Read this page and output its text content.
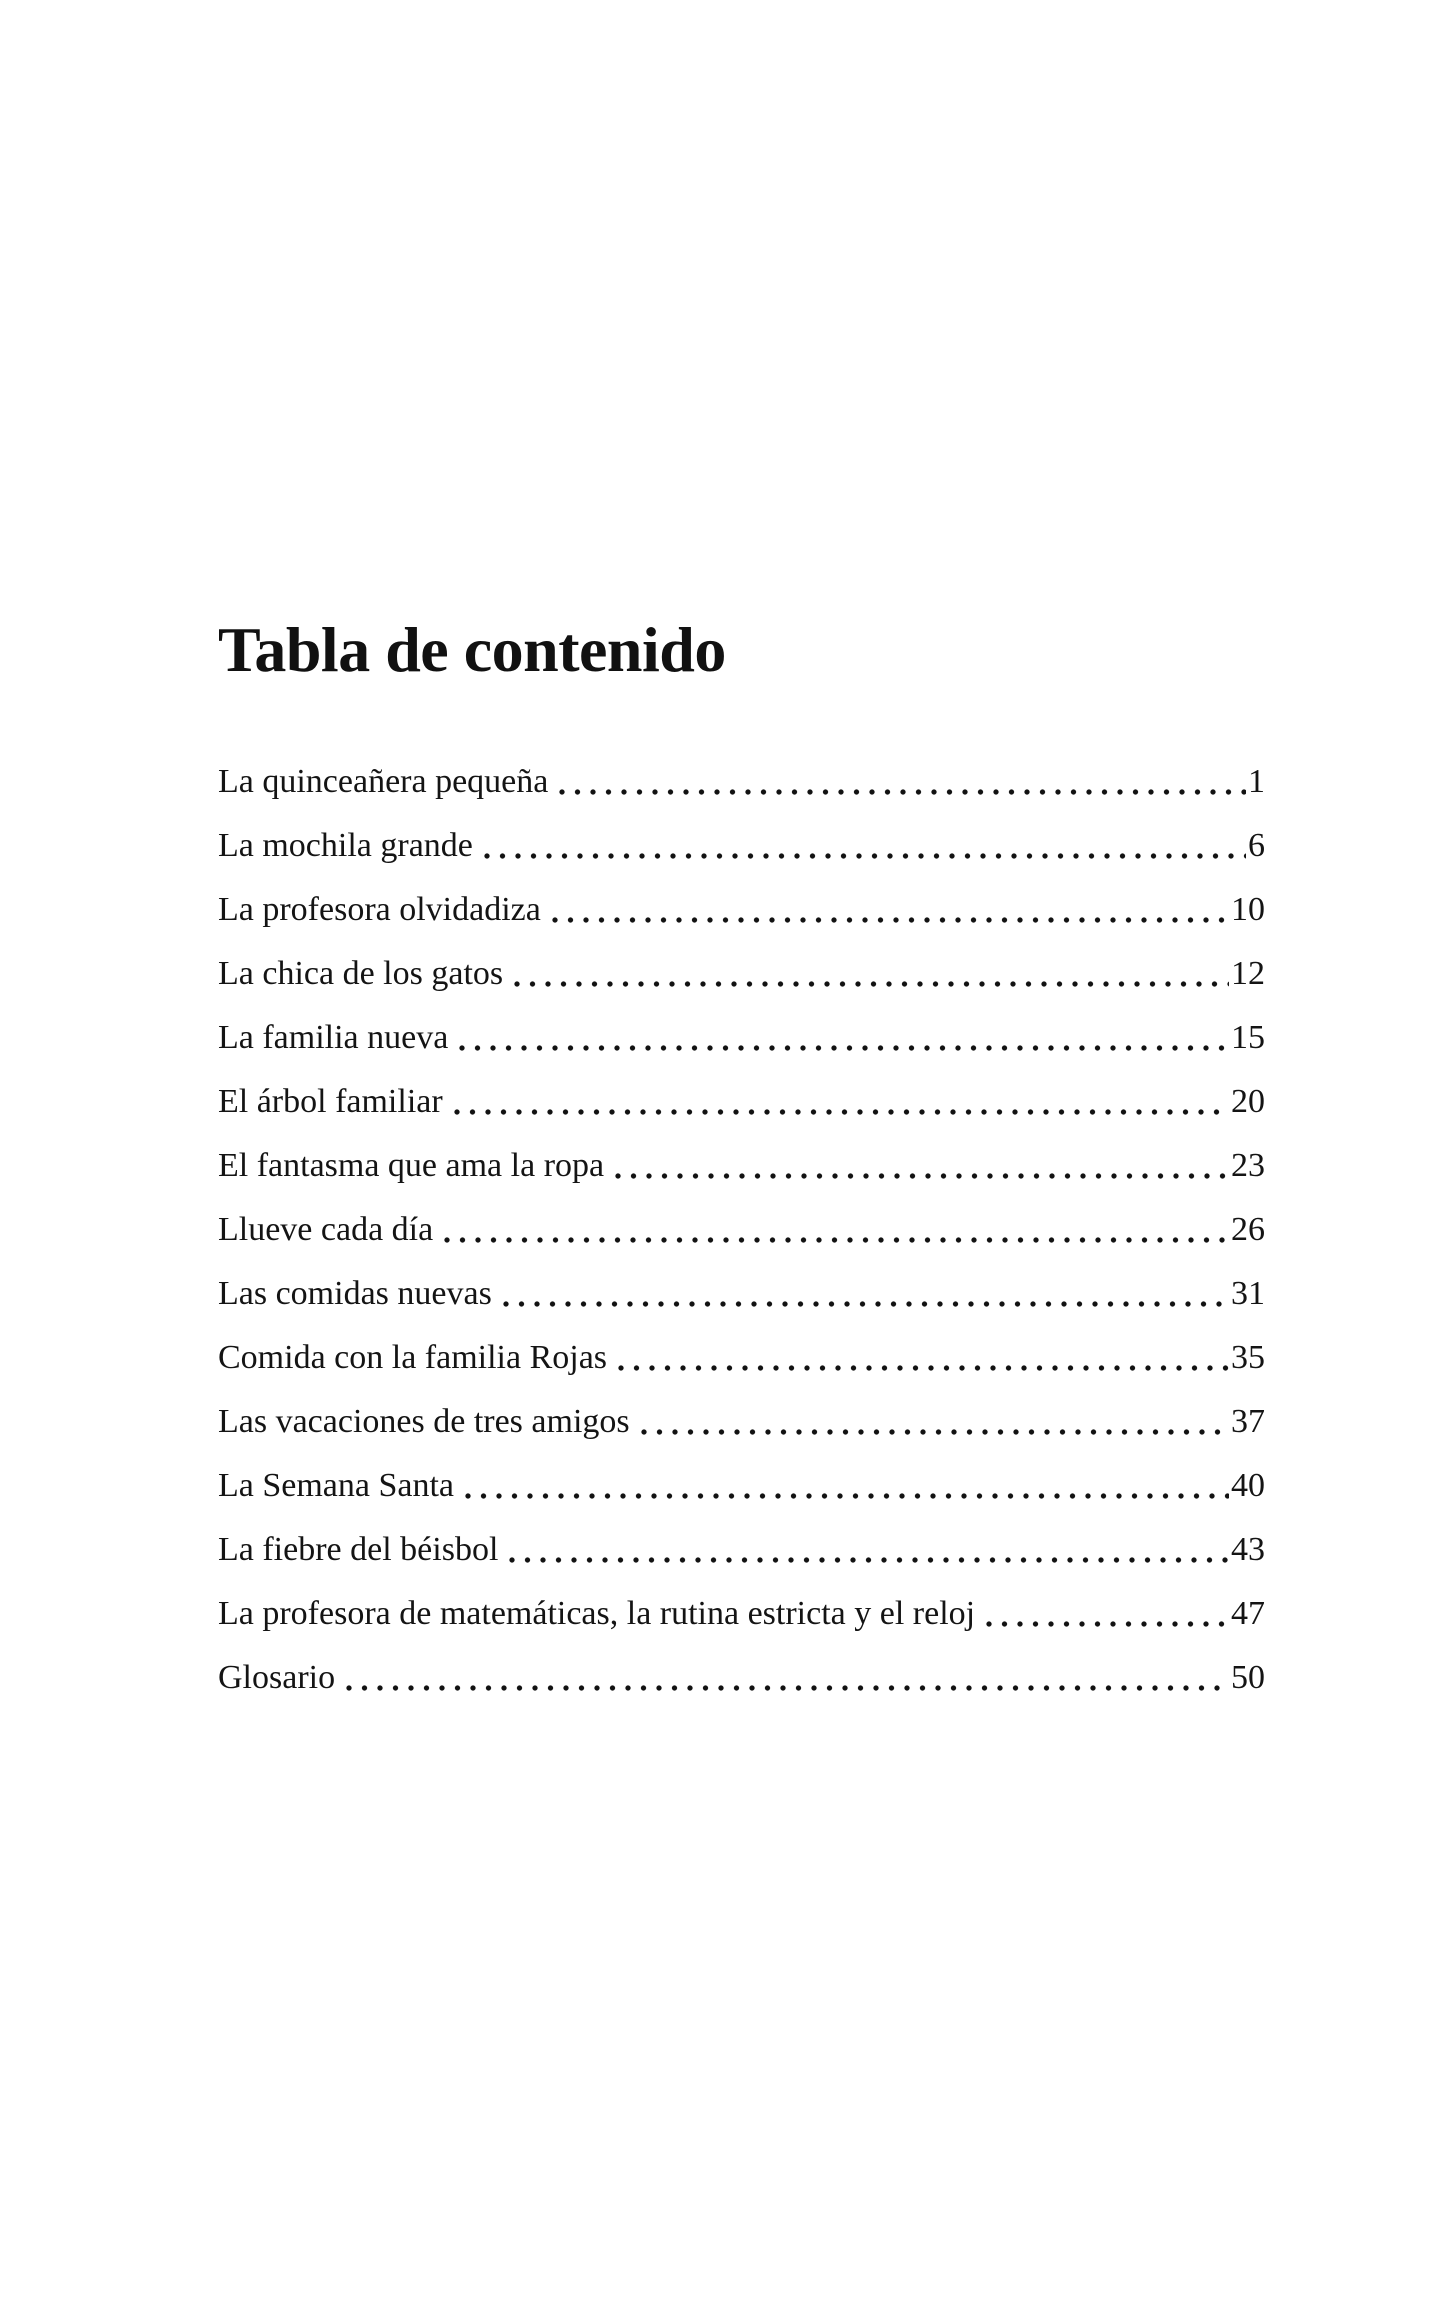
Tabla de contenido
La quinceañera pequeña	1
La mochila grande	6
La profesora olvidadiza	10
La chica de los gatos	12
La familia nueva	15
El árbol familiar	20
El fantasma que ama la ropa	23
Llueve cada día	26
Las comidas nuevas	31
Comida con la familia Rojas	35
Las vacaciones de tres amigos	37
La Semana Santa	40
La fiebre del béisbol	43
La profesora de matemáticas, la rutina estricta y el reloj	47
Glosario	50
